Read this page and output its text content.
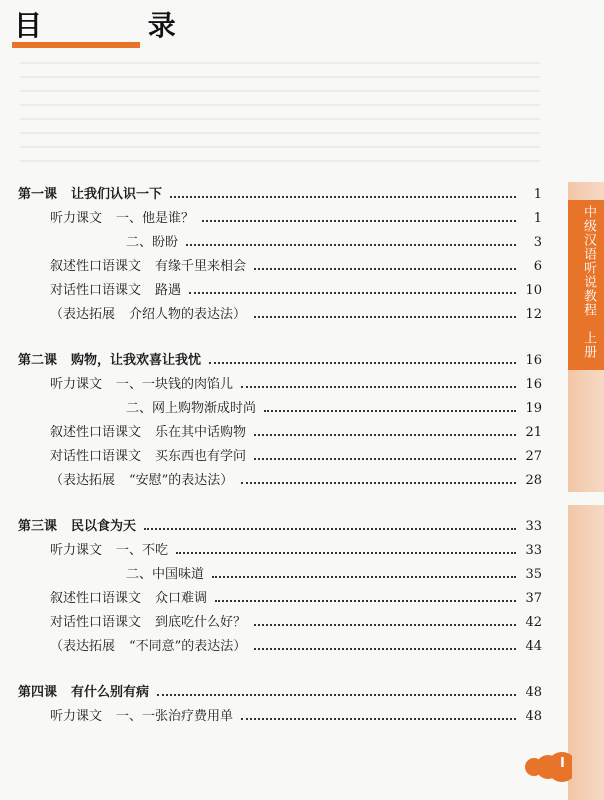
目 录
中级汉语听说教程　上册
I
第一课 让我们认识一下	1
听力课文 一、他是谁？	1
二、盼盼	3
叙述性口语课文 有缘千里来相会	6
对话性口语课文 路遇	10
（表达拓展 介绍人物的表达法）	12
第二课 购物，让我欢喜让我忧	16
听力课文 一、一块钱的肉馅儿	16
二、网上购物渐成时尚	19
叙述性口语课文 乐在其中话购物	21
对话性口语课文 买东西也有学问	27
（表达拓展 “安慰”的表达法）	28
第三课 民以食为天	33
听力课文 一、不吃	33
二、中国味道	35
叙述性口语课文 众口难调	37
对话性口语课文 到底吃什么好？	42
（表达拓展 “不同意”的表达法）	44
第四课 有什么别有病	48
听力课文 一、一张治疗费用单	48
